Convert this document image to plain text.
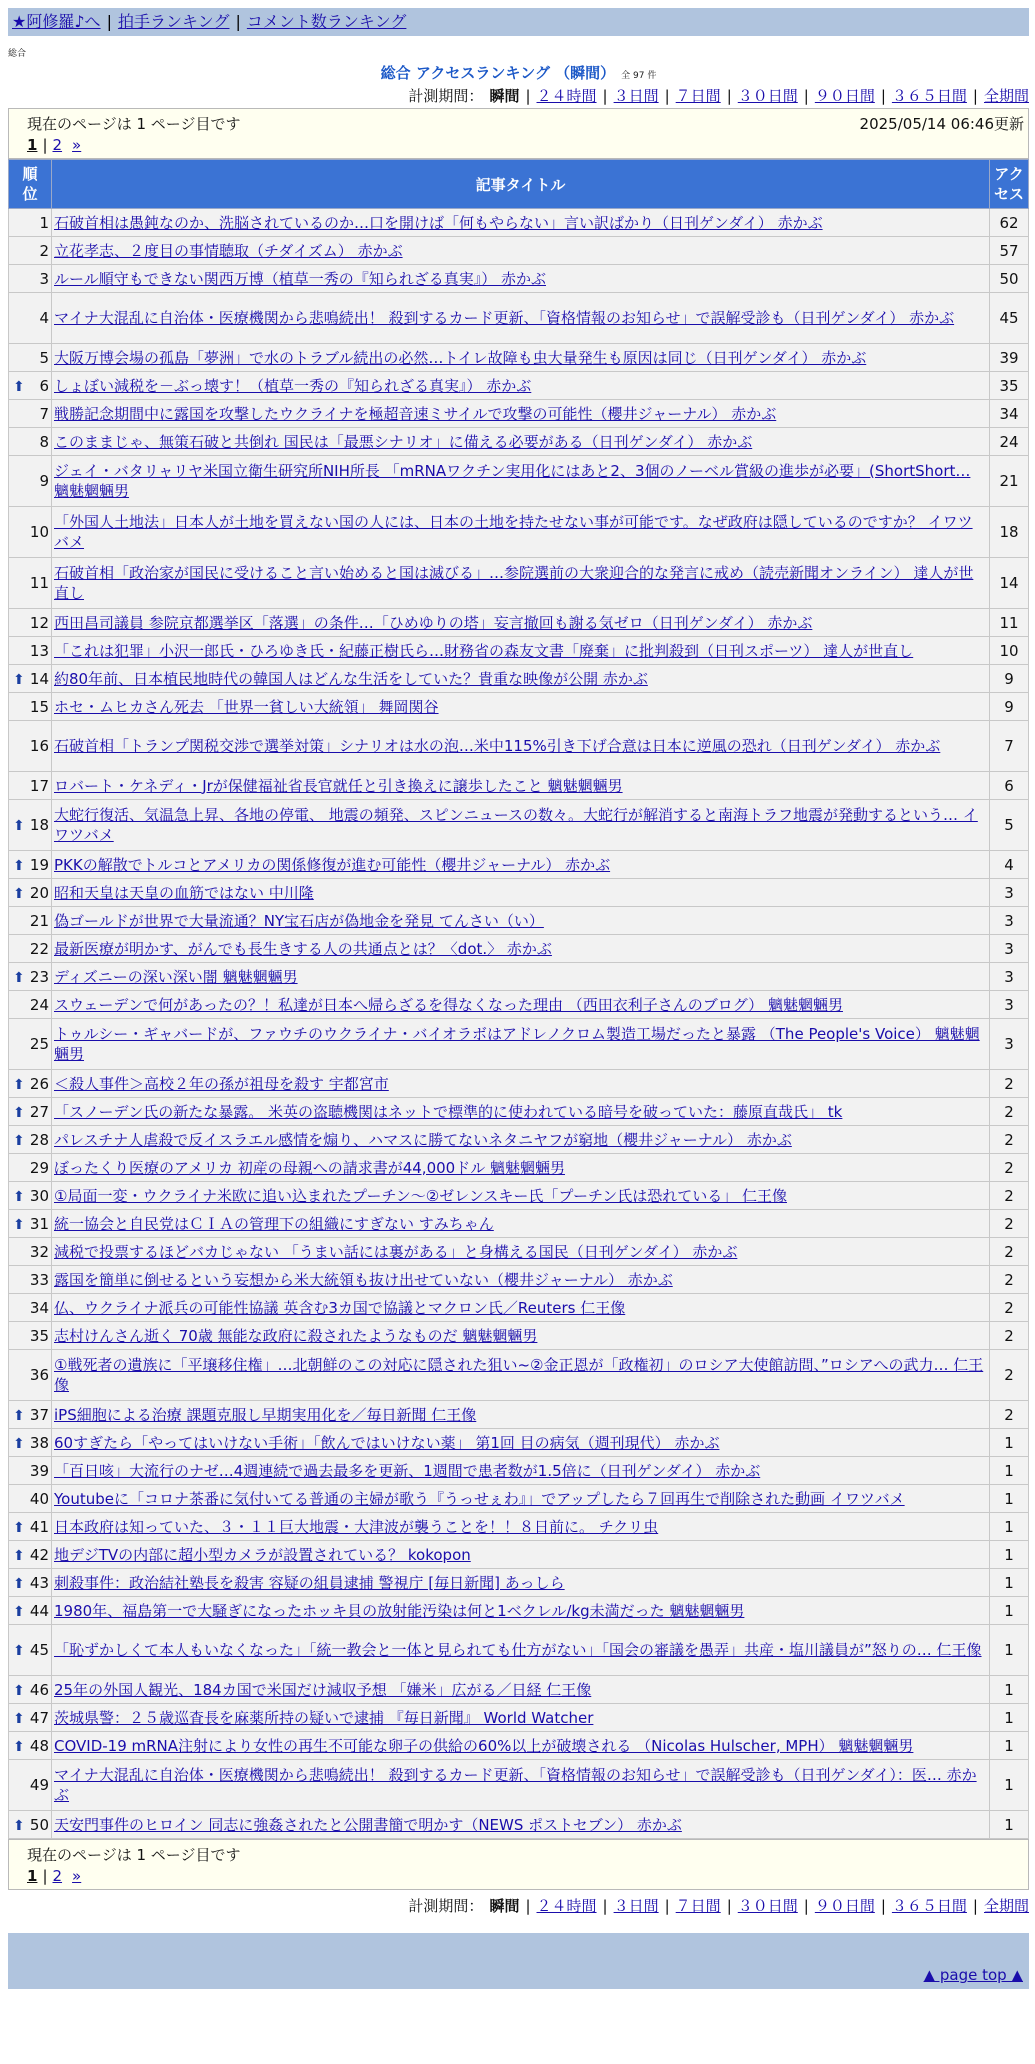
★阿修羅♪へ | 拍手ランキング | コメント数ランキング
総合
総合 アクセスランキング （瞬間） 全 97 件
計測期間： 瞬間 | ２４時間 | ３日間 | ７日間 | ３０日間 | ９０日間 | ３６５日間 | 全期間
現在のページは 1 ページ目です	2025/05/14 06:46更新
1 | 2 »
順位	記事タイトル	アクセス
1	石破首相は愚鈍なのか、洗脳されているのか…口を開けば「何もやらない」言い訳ばかり（日刊ゲンダイ） 赤かぶ	62
2	立花孝志、２度目の事情聴取（チダイズム） 赤かぶ	57
3	ルール順守もできない関西万博（植草一秀の『知られざる真実』） 赤かぶ	50
4	マイナ大混乱に自治体・医療機関から悲鳴続出！ 殺到するカード更新、「資格情報のお知らせ」で誤解受診も（日刊ゲンダイ） 赤かぶ	45
5	大阪万博会場の孤島「夢洲」で水のトラブル続出の必然…トイレ故障も虫大量発生も原因は同じ（日刊ゲンダイ） 赤かぶ	39

⬆ 6	しょぼい減税を－ぶっ壊す！（植草一秀の『知られざる真実』） 赤かぶ	35
7	戦勝記念期間中に露国を攻撃したウクライナを極超音速ミサイルで攻撃の可能性（櫻井ジャーナル） 赤かぶ	34
8	このままじゃ、無策石破と共倒れ 国民は「最悪シナリオ」に備える必要がある（日刊ゲンダイ） 赤かぶ	24
9	ジェイ・バタリャリヤ米国立衛生研究所NIH所長 「mRNAワクチン実用化にはあと2、3個のノーベル賞級の進歩が必要」(ShortShort… 魑魅魍魎男	21
10	「外国人土地法」日本人が土地を買えない国の人には、日本の土地を持たせない事が可能です。なぜ政府は隠しているのですか？ イワツバメ	18
11	石破首相「政治家が国民に受けること言い始めると国は滅びる」…参院選前の大衆迎合的な発言に戒め（読売新聞オンライン） 達人が世直し	14
12	西田昌司議員 参院京都選挙区「落選」の条件…「ひめゆりの塔」妄言撤回も謝る気ゼロ（日刊ゲンダイ） 赤かぶ	11
13	「これは犯罪」小沢一郎氏・ひろゆき氏・紀藤正樹氏ら…財務省の森友文書「廃棄」に批判殺到（日刊スポーツ） 達人が世直し	10

⬆ 14	約80年前、日本植民地時代の韓国人はどんな生活をしていた？貴重な映像が公開 赤かぶ	9
15	ホセ・ムヒカさん死去 「世界一貧しい大統領」 舞岡関谷	9
16	石破首相「トランプ関税交渉で選挙対策」シナリオは水の泡…米中115%引き下げ合意は日本に逆風の恐れ（日刊ゲンダイ） 赤かぶ	7
17	ロバート・ケネディ・Jrが保健福祉省長官就任と引き換えに譲歩したこと 魑魅魍魎男	6

⬆ 18	大蛇行復活、気温急上昇、各地の停電、 地震の頻発、スピンニュースの数々。大蛇行が解消すると南海トラフ地震が発動するという… イワツバメ	5

⬆ 19	PKKの解散でトルコとアメリカの関係修復が進む可能性（櫻井ジャーナル） 赤かぶ	4

⬆ 20	昭和天皇は天皇の血筋ではない 中川隆	3
21	偽ゴールドが世界で大量流通？NY宝石店が偽地金を発見 てんさい（い）	3
22	最新医療が明かす、がんでも長生きする人の共通点とは？〈dot.〉 赤かぶ	3

⬆ 23	ディズニーの深い深い闇 魑魅魍魎男	3
24	スウェーデンで何があったの？！私達が日本へ帰らざるを得なくなった理由 （西田衣利子さんのブログ） 魑魅魍魎男	3
25	トゥルシー・ギャバードが、ファウチのウクライナ・バイオラボはアドレノクロム製造工場だったと暴露 （The People's Voice） 魑魅魍魎男	3

⬆ 26	＜殺人事件＞高校２年の孫が祖母を殺す 宇都宮市	2

⬆ 27	「スノーデン氏の新たな暴露。 米英の盗聴機関はネットで標準的に使われている暗号を破っていた：藤原直哉氏」 tk	2

⬆ 28	パレスチナ人虐殺で反イスラエル感情を煽り、ハマスに勝てないネタニヤフが窮地（櫻井ジャーナル） 赤かぶ	2
29	ぼったくり医療のアメリカ 初産の母親への請求書が44,000ドル 魑魅魍魎男	2

⬆ 30	①局面一変・ウクライナ米欧に追い込まれたプーチン～②ゼレンスキー氏「プーチン氏は恐れている」 仁王像	2

⬆ 31	統一協会と自民党はＣＩＡの管理下の組織にすぎない すみちゃん	2
32	減税で投票するほどバカじゃない 「うまい話には裏がある」と身構える国民（日刊ゲンダイ） 赤かぶ	2
33	露国を簡単に倒せるという妄想から米大統領も抜け出せていない（櫻井ジャーナル） 赤かぶ	2
34	仏、ウクライナ派兵の可能性協議 英含む3カ国で協議とマクロン氏／Reuters 仁王像	2
35	志村けんさん逝く 70歳 無能な政府に殺されたようなものだ 魑魅魍魎男	2
36	①戦死者の遺族に「平壌移住権」…北朝鮮のこの対応に隠された狙い~②金正恩が「政権初」のロシア大使館訪問、”ロシアへの武力… 仁王像	2

⬆ 37	iPS細胞による治療 課題克服し早期実用化を／毎日新聞 仁王像	2

⬆ 38	60すぎたら「やってはいけない手術」「飲んではいけない薬」 第1回 目の病気（週刊現代） 赤かぶ	1
39	「百日咳」大流行のナゼ…4週連続で過去最多を更新、1週間で患者数が1.5倍に（日刊ゲンダイ） 赤かぶ	1
40	Youtubeに「コロナ茶番に気付いてる普通の主婦が歌う『うっせぇわ』」でアップしたら７回再生で削除された動画 イワツバメ	1

⬆ 41	日本政府は知っていた、３・１１巨大地震・大津波が襲うことを！！８日前に。 チクリ虫	1

⬆ 42	地デジTVの内部に超小型カメラが設置されている？ kokopon	1

⬆ 43	刺殺事件：政治結社塾長を殺害 容疑の組員逮捕 警視庁 [毎日新聞] あっしら	1

⬆ 44	1980年、福島第一で大騒ぎになったホッキ貝の放射能汚染は何と1ベクレル/kg未満だった 魑魅魍魎男	1

⬆ 45	「恥ずかしくて本人もいなくなった」「統一教会と一体と見られても仕方がない」「国会の審議を愚弄」共産・塩川議員が”怒りの… 仁王像	1

⬆ 46	25年の外国人観光、184カ国で米国だけ減収予想 「嫌米」広がる／日経 仁王像	1

⬆ 47	茨城県警：２５歳巡査長を麻薬所持の疑いで逮捕 『毎日新聞』 World Watcher	1

⬆ 48	COVID-19 mRNA注射により女性の再生不可能な卵子の供給の60%以上が破壊される （Nicolas Hulscher, MPH） 魑魅魍魎男	1
49	マイナ大混乱に自治体・医療機関から悲鳴続出！ 殺到するカード更新、「資格情報のお知らせ」で誤解受診も（日刊ゲンダイ）：医… 赤かぶ	1

⬆ 50	天安門事件のヒロイン 同志に強姦されたと公開書簡で明かす（NEWS ポストセブン） 赤かぶ	1
現在のページは 1 ページ目です
1 | 2 »
計測期間： 瞬間 | ２４時間 | ３日間 | ７日間 | ３０日間 | ９０日間 | ３６５日間 | 全期間
▲ page top ▲
